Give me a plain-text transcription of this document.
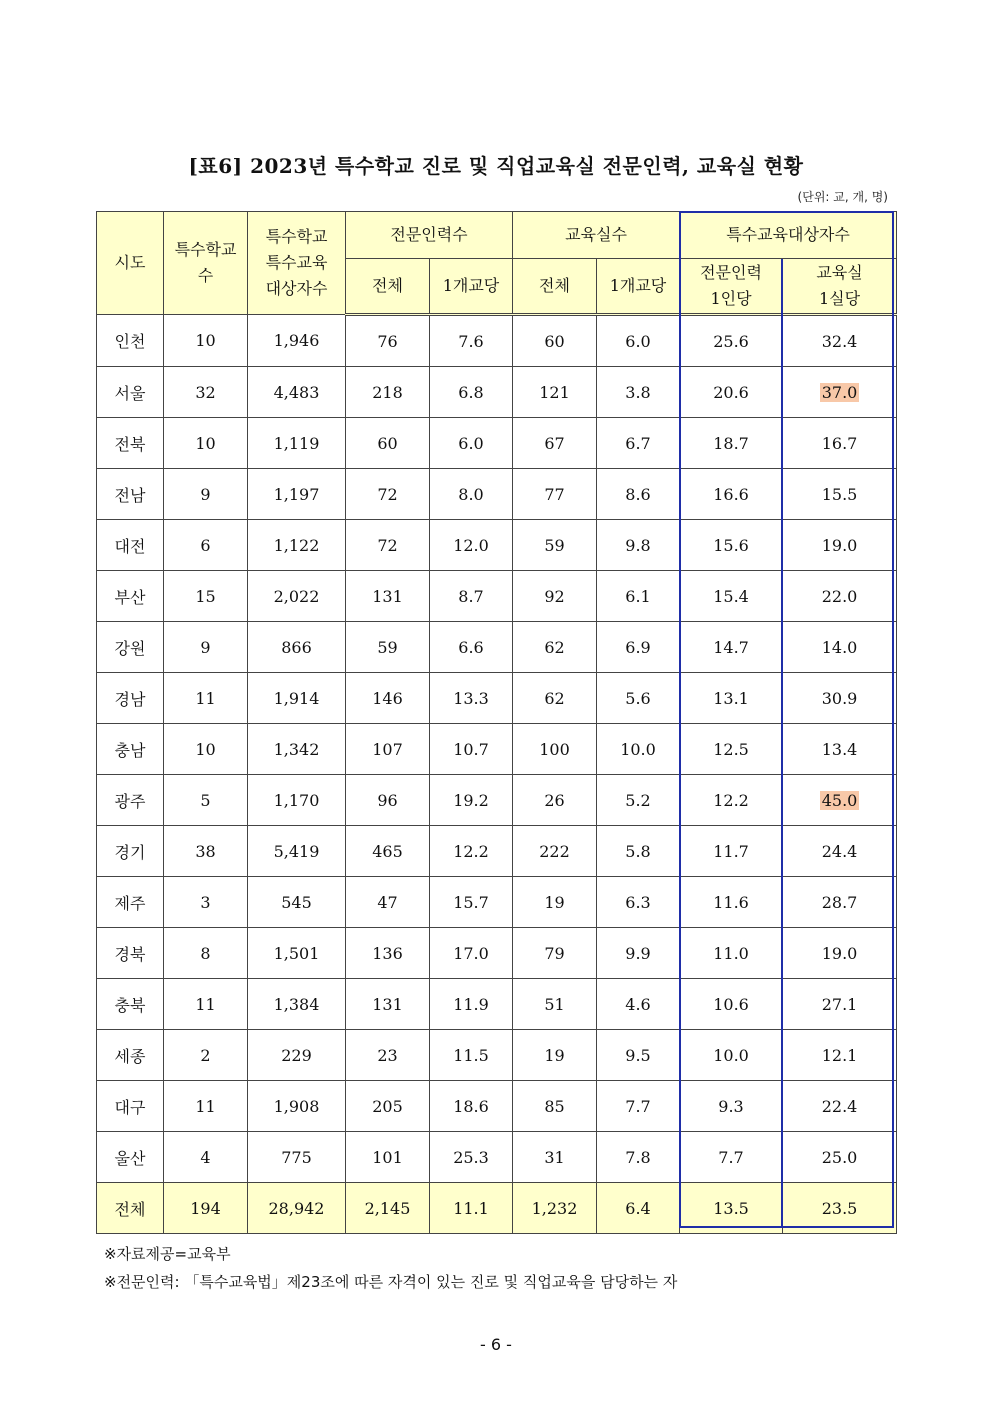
[표6] 2023년 특수학교 진로 및 직업교육실 전문인력, 교육실 현황
(단위: 교, 개, 명)
시도	특수학교수	특수학교특수교육대상자수	전문인력수		교육실수		특수교육대상자수	
			전체	1개교당	전체	1개교당	전문인력1인당	교육실1실당
인천	10	1,946	76	7.6	60	6.0	25.6	32.4
서울	32	4,483	218	6.8	121	3.8	20.6	37.0
전북	10	1,119	60	6.0	67	6.7	18.7	16.7
전남	9	1,197	72	8.0	77	8.6	16.6	15.5
대전	6	1,122	72	12.0	59	9.8	15.6	19.0
부산	15	2,022	131	8.7	92	6.1	15.4	22.0
강원	9	866	59	6.6	62	6.9	14.7	14.0
경남	11	1,914	146	13.3	62	5.6	13.1	30.9
충남	10	1,342	107	10.7	100	10.0	12.5	13.4
광주	5	1,170	96	19.2	26	5.2	12.2	45.0
경기	38	5,419	465	12.2	222	5.8	11.7	24.4
제주	3	545	47	15.7	19	6.3	11.6	28.7
경북	8	1,501	136	17.0	79	9.9	11.0	19.0
충북	11	1,384	131	11.9	51	4.6	10.6	27.1
세종	2	229	23	11.5	19	9.5	10.0	12.1
대구	11	1,908	205	18.6	85	7.7	9.3	22.4
울산	4	775	101	25.3	31	7.8	7.7	25.0
전체	194	28,942	2,145	11.1	1,232	6.4	13.5	23.5
※자료제공=교육부
※전문인력: 「특수교육법」제23조에 따른 자격이 있는 진로 및 직업교육을 담당하는 자
- 6 -
